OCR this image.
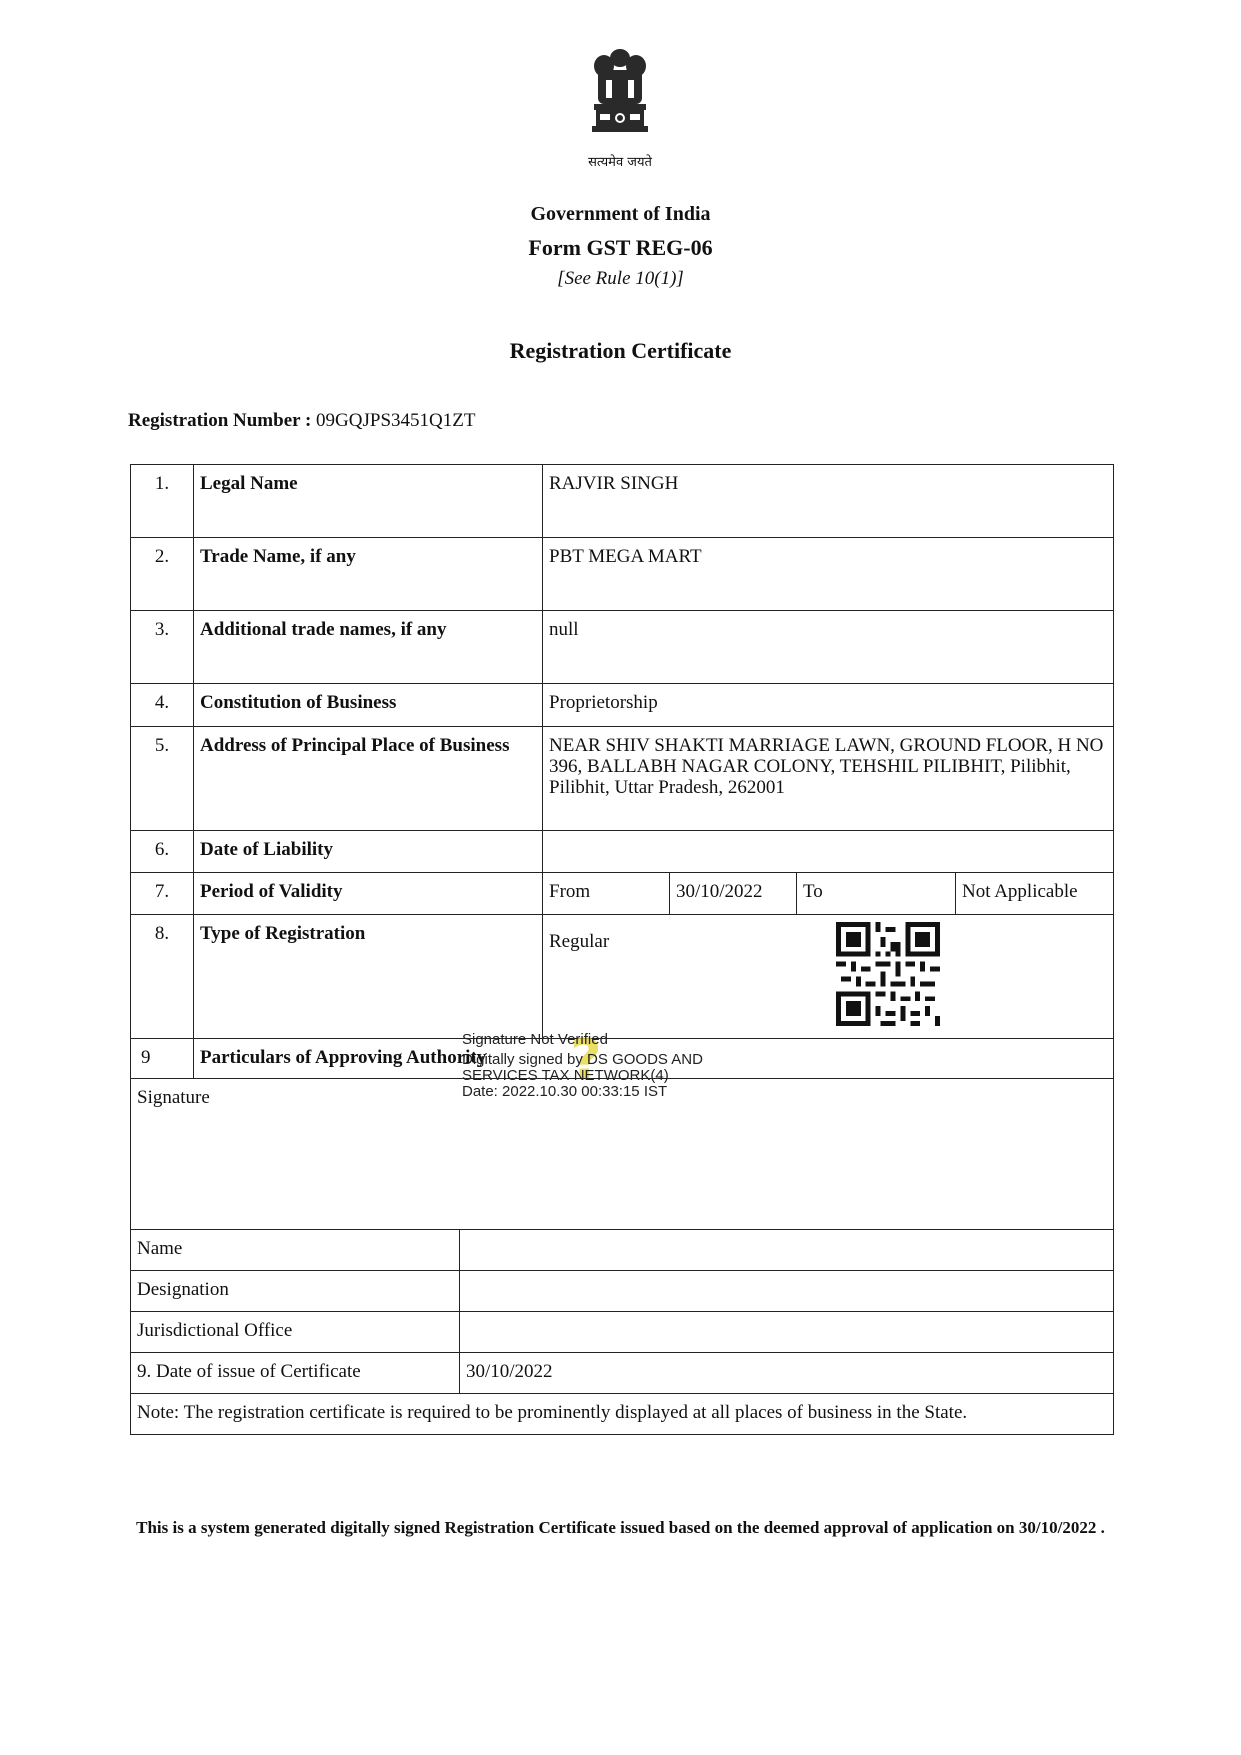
सत्यमेव जयते
Government of India
Form GST REG-06
[See Rule 10(1)]
Registration Certificate
Registration Number : 09GQJPS3451Q1ZT
1.	Legal Name	RAJVIR SINGH
2.	Trade Name, if any	PBT MEGA MART
3.	Additional trade names, if any	null
4.	Constitution of Business	Proprietorship
5.	Address of Principal Place of Business	NEAR SHIV SHAKTI MARRIAGE LAWN, GROUND FLOOR, H NO 396, BALLABH NAGAR COLONY, TEHSHIL PILIBHIT, Pilibhit, Pilibhit, Uttar Pradesh, 262001
6.	Date of Liability
7.	Period of Validity	From	30/10/2022	To	Not Applicable
8.	Type of Registration	Regular
9	Particulars of Approving Authority
Signature
Name
Designation
Jurisdictional Office
9. Date of issue of Certificate	30/10/2022
Note: The registration certificate is required to be prominently displayed at all places of business in the State.
?
Signature Not Verified
Digitally signed by DS GOODS AND
SERVICES TAX NETWORK(4)
Date: 2022.10.30 00:33:15 IST
This is a system generated digitally signed Registration Certificate issued based on the deemed approval of application on 30/10/2022 .
